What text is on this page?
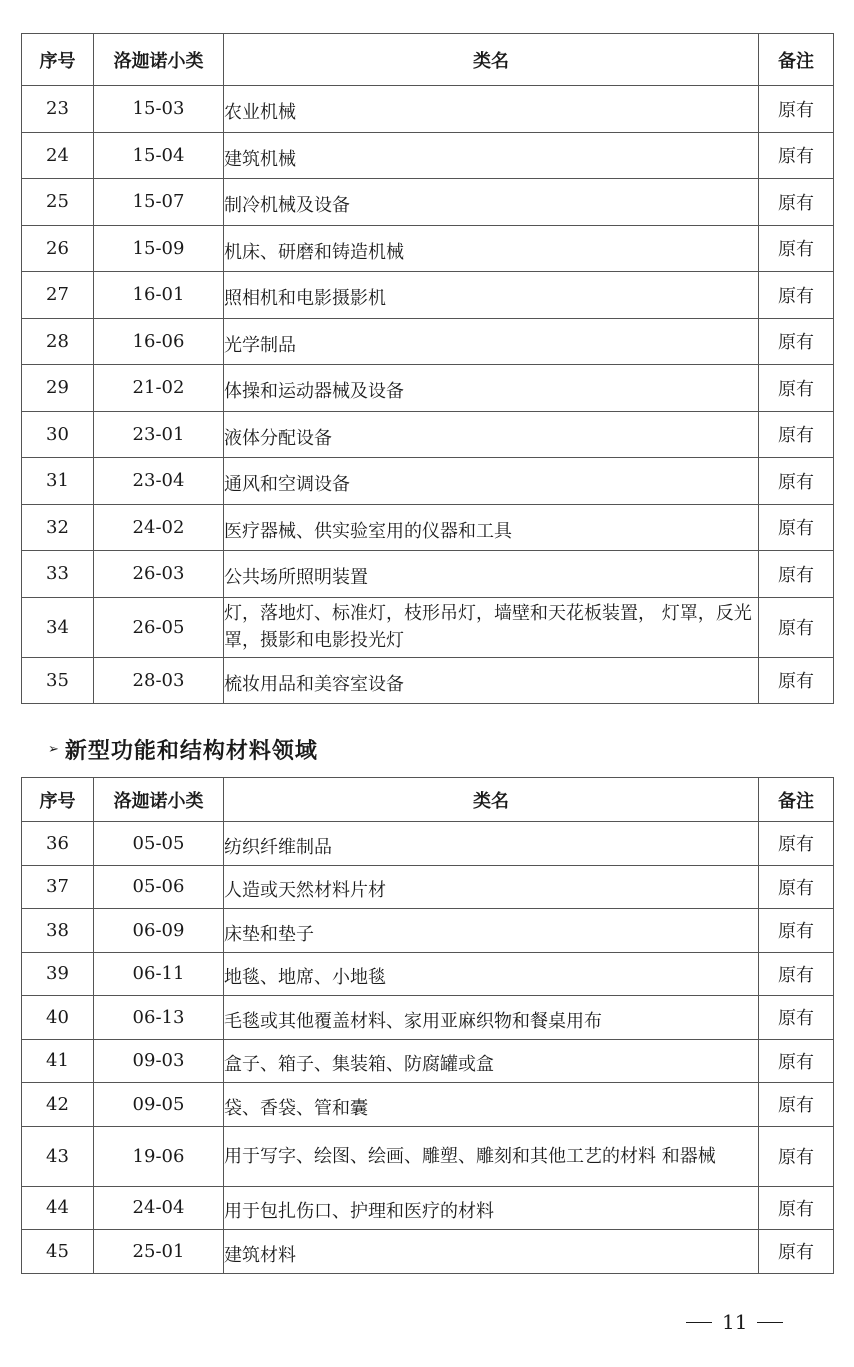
序号	洛迦诺小类	类名	备注
23	15-03	农业机械	原有
24	15-04	建筑机械	原有
25	15-07	制冷机械及设备	原有
26	15-09	机床、研磨和铸造机械	原有
27	16-01	照相机和电影摄影机	原有
28	16-06	光学制品	原有
29	21-02	体操和运动器械及设备	原有
30	23-01	液体分配设备	原有
31	23-04	通风和空调设备	原有
32	24-02	医疗器械、供实验室用的仪器和工具	原有
33	26-03	公共场所照明装置	原有
34	26-05	灯，落地灯、标准灯，枝形吊灯，墙壁和天花板装置， 灯罩，反光罩，摄影和电影投光灯	原有
35	28-03	梳妆用品和美容室设备	原有
➢ 新型功能和结构材料领域
序号	洛迦诺小类	类名	备注
36	05-05	纺织纤维制品	原有
37	05-06	人造或天然材料片材	原有
38	06-09	床垫和垫子	原有
39	06-11	地毯、地席、小地毯	原有
40	06-13	毛毯或其他覆盖材料、家用亚麻织物和餐桌用布	原有
41	09-03	盒子、箱子、集装箱、防腐罐或盒	原有
42	09-05	袋、香袋、管和囊	原有
43	19-06	用于写字、绘图、绘画、雕塑、雕刻和其他工艺的材料 和器械	原有
44	24-04	用于包扎伤口、护理和医疗的材料	原有
45	25-01	建筑材料	原有
11
